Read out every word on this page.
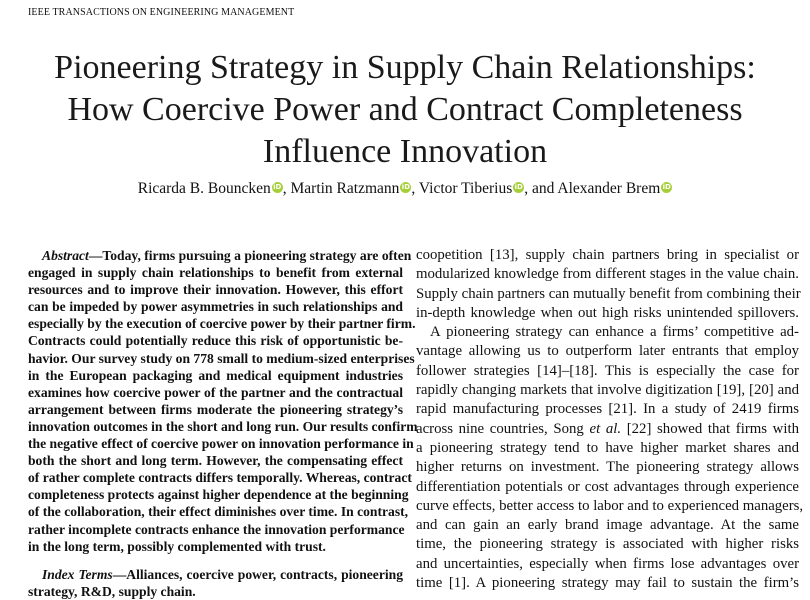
IEEE TRANSACTIONS ON ENGINEERING MANAGEMENT
Pioneering Strategy in Supply Chain Relationships:
How Coercive Power and Contract Completeness
Influence Innovation
Ricarda B. Bouncken iD, Martin Ratzmann iD, Victor Tiberius iD, and Alexander Brem iD
Abstract—Today, firms pursuing a pioneering strategy are often
engaged in supply chain relationships to benefit from external
resources and to improve their innovation. However, this effort
can be impeded by power asymmetries in such relationships and
especially by the execution of coercive power by their partner firm.
Contracts could potentially reduce this risk of opportunistic be-
havior. Our survey study on 778 small to medium-sized enterprises
in the European packaging and medical equipment industries
examines how coercive power of the partner and the contractual
arrangement between firms moderate the pioneering strategy’s
innovation outcomes in the short and long run. Our results confirm
the negative effect of coercive power on innovation performance in
both the short and long term. However, the compensating effect
of rather complete contracts differs temporally. Whereas, contract
completeness protects against higher dependence at the beginning
of the collaboration, their effect diminishes over time. In contrast,
rather incomplete contracts enhance the innovation performance
in the long term, possibly complemented with trust.
Index Terms—Alliances, coercive power, contracts, pioneering
strategy, R&D, supply chain.
coopetition [13], supply chain partners bring in specialist or
modularized knowledge from different stages in the value chain.
Supply chain partners can mutually benefit from combining their
in-depth knowledge when out high risks unintended spillovers.
A pioneering strategy can enhance a firms’ competitive ad-
vantage allowing us to outperform later entrants that employ
follower strategies [14]–[18]. This is especially the case for
rapidly changing markets that involve digitization [19], [20] and
rapid manufacturing processes [21]. In a study of 2419 firms
across nine countries, Song et al. [22] showed that firms with
a pioneering strategy tend to have higher market shares and
higher returns on investment. The pioneering strategy allows
differentiation potentials or cost advantages through experience
curve effects, better access to labor and to experienced managers,
and can gain an early brand image advantage. At the same
time, the pioneering strategy is associated with higher risks
and uncertainties, especially when firms lose advantages over
time [1]. A pioneering strategy may fail to sustain the firm’s
